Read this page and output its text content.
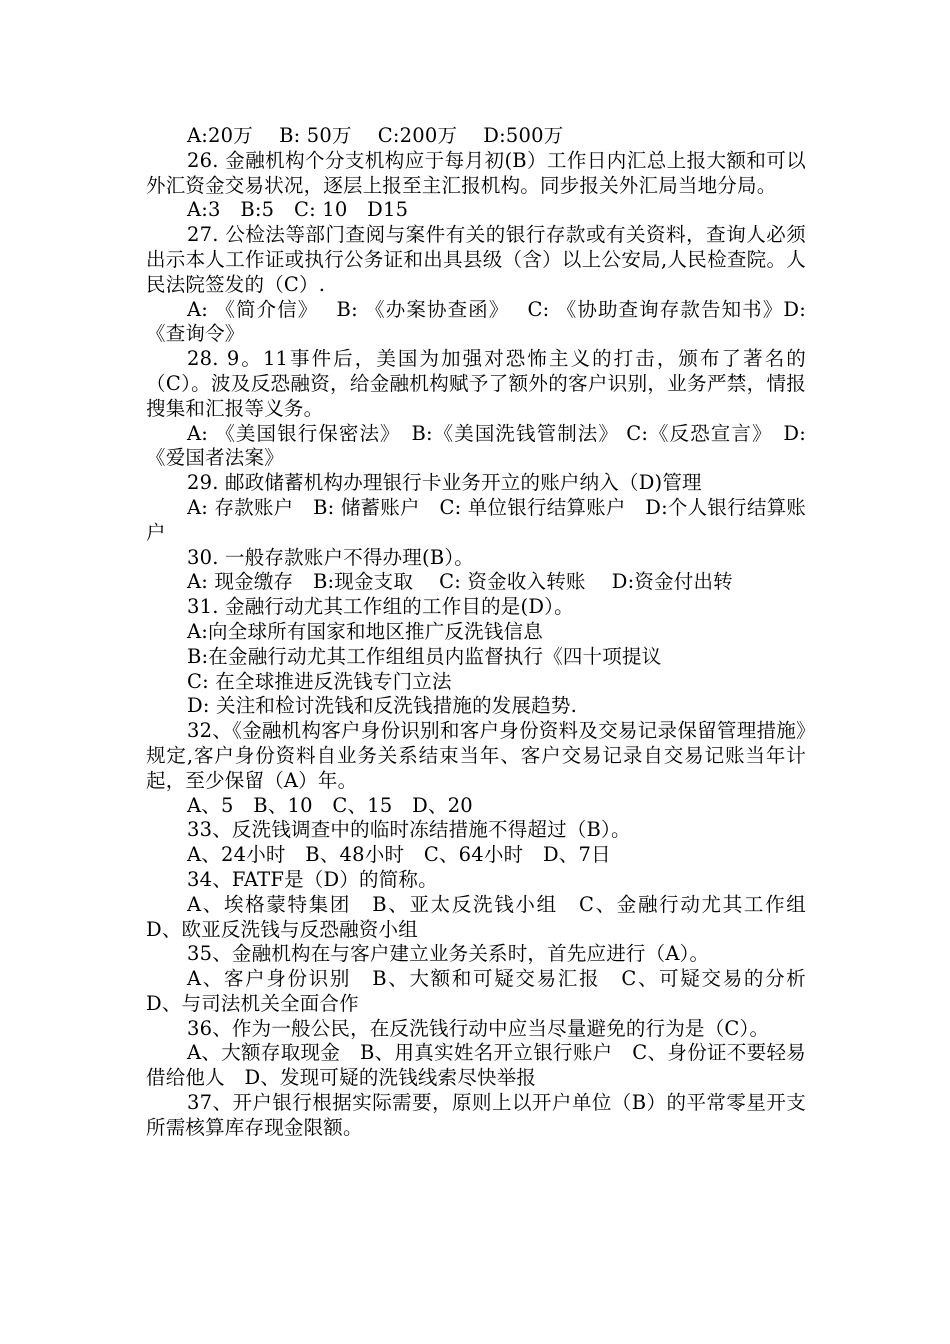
A:20万　 B: 50万　 C:200万　 D:500万

26. 金融机构个分支机构应于每月初(B）工作日内汇总上报大额和可以外汇资金交易状况，逐层上报至主汇报机构。同步报关外汇局当地分局。

A:3　B:5　C: 10　D15

27. 公检法等部门查阅与案件有关的银行存款或有关资料，查询人必须出示本人工作证或执行公务证和出具县级（含）以上公安局,人民检查院。人民法院签发的（C）.

A: 《简介信》　 B: 《办案协查函》　 C: 《协助查询存款告知书》D:《查询令》

28. 9。11事件后，美国为加强对恐怖主义的打击，颁布了著名的（C）。波及反恐融资，给金融机构赋予了额外的客户识别，业务严禁，情报搜集和汇报等义务。

A: 《美国银行保密法》　B:《美国洗钱管制法》 C:《反恐宣言》　D: 《爱国者法案》

29. 邮政储蓄机构办理银行卡业务开立的账户纳入（D)管理

A: 存款账户　B: 储蓄账户　C: 单位银行结算账户　D:个人银行结算账户

30. 一般存款账户不得办理(B）。

A: 现金缴存　B:现金支取　 C: 资金收入转账　 D:资金付出转

31. 金融行动尤其工作组的工作目的是(D）。

A:向全球所有国家和地区推广反洗钱信息

B:在金融行动尤其工作组组员内监督执行《四十项提议

C: 在全球推进反洗钱专门立法

D: 关注和检讨洗钱和反洗钱措施的发展趋势.

32、《金融机构客户身份识别和客户身份资料及交易记录保留管理措施》规定,客户身份资料自业务关系结束当年、客户交易记录自交易记账当年计起，至少保留（A）年。

A、5　B、10　C、15　D、20

33、反洗钱调查中的临时冻结措施不得超过（B）。

A、24小时　B、48小时　C、64小时　D、7日

34、FATF是（D）的简称。

A、埃格蒙特集团　B、亚太反洗钱小组　C、金融行动尤其工作组　D、欧亚反洗钱与反恐融资小组

35、金融机构在与客户建立业务关系时，首先应进行（A）。

A、客户身份识别　B、大额和可疑交易汇报　C、可疑交易的分析　D、与司法机关全面合作

36、作为一般公民，在反洗钱行动中应当尽量避免的行为是（C）。

A、大额存取现金　B、用真实姓名开立银行账户　C、身份证不要轻易借给他人　D、发现可疑的洗钱线索尽快举报

37、开户银行根据实际需要，原则上以开户单位（B）的平常零星开支所需核算库存现金限额。
